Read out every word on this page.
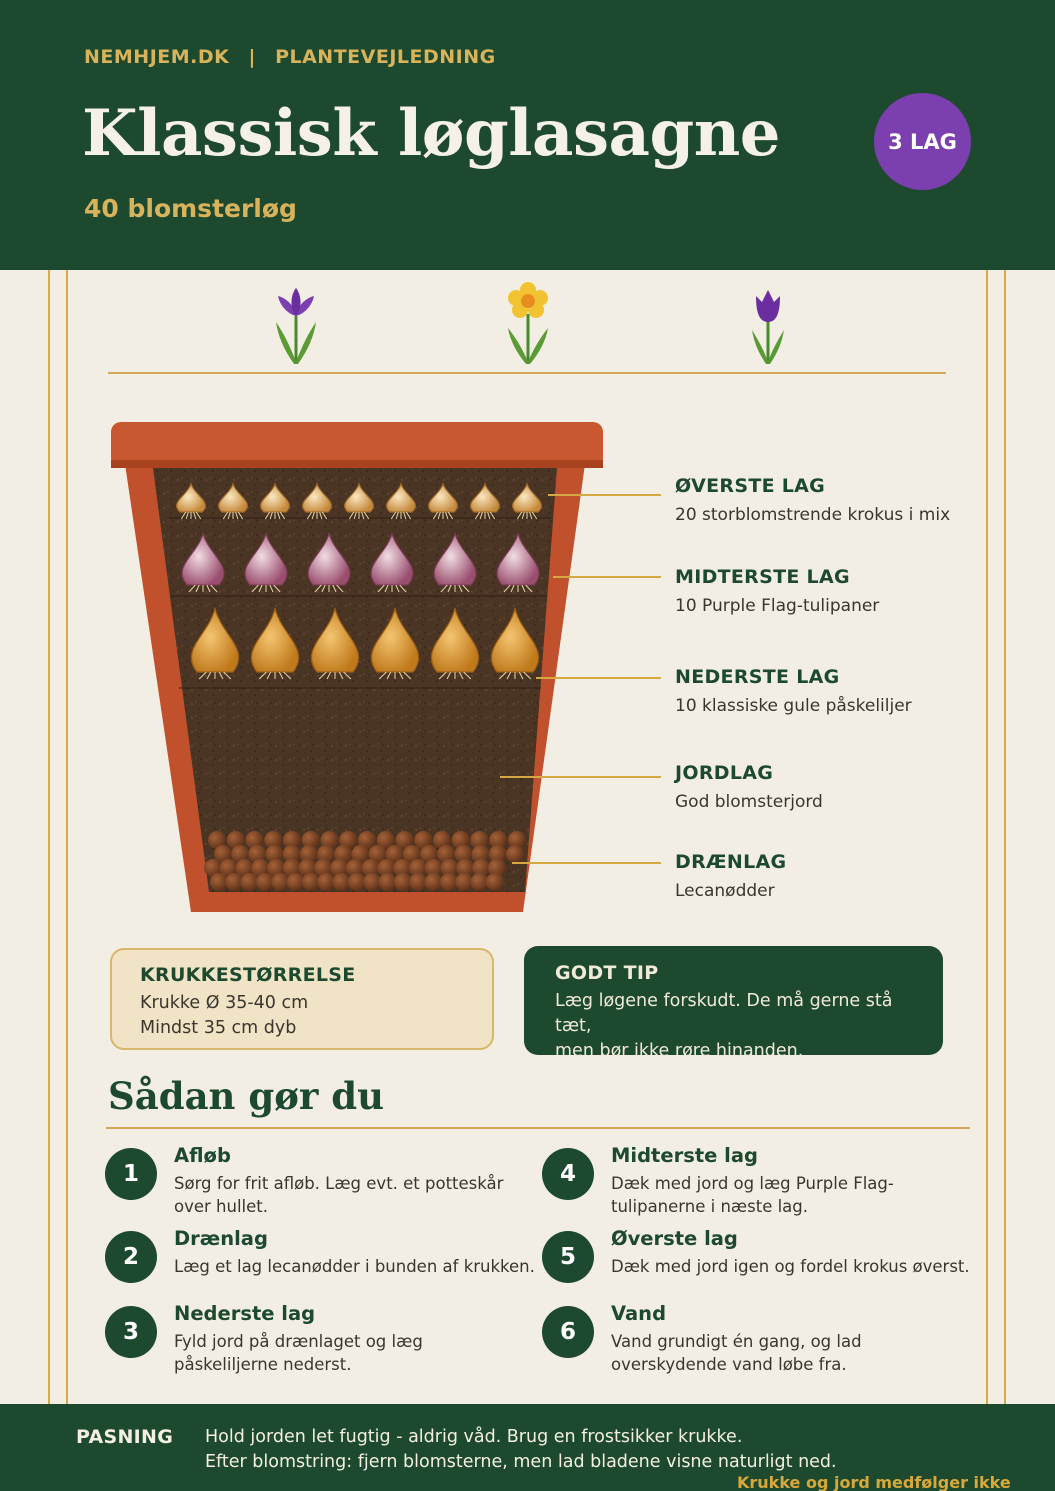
NEMHJEM.DK | PLANTEVEJLEDNING
Klassisk løglasagne
40 blomsterløg
3 LAG
ØVERSTE LAG
20 storblomstrende krokus i mix
MIDTERSTE LAG
10 Purple Flag-tulipaner
NEDERSTE LAG
10 klassiske gule påskeliljer
JORDLAG
God blomsterjord
DRÆNLAG
Lecanødder
KRUKKESTØRRELSE
Krukke Ø 35-40 cm
Mindst 35 cm dyb
GODT TIP
Læg løgene forskudt. De må gerne stå tæt,
men bør ikke røre hinanden.
Sådan gør du
1
Afløb
Sørg for frit afløb. Læg evt. et potteskår over hullet.
2
Drænlag
Læg et lag lecanødder i bunden af krukken.
3
Nederste lag
Fyld jord på drænlaget og læg påskeliljerne nederst.
4
Midterste lag
Dæk med jord og læg Purple Flag-tulipanerne i næste lag.
5
Øverste lag
Dæk med jord igen og fordel krokus øverst.
6
Vand
Vand grundigt én gang, og lad overskydende vand løbe fra.
PASNING Hold jorden let fugtig - aldrig våd. Brug en frostsikker krukke.
Efter blomstring: fjern blomsterne, men lad bladene visne naturligt ned.
Krukke og jord medfølger ikke
